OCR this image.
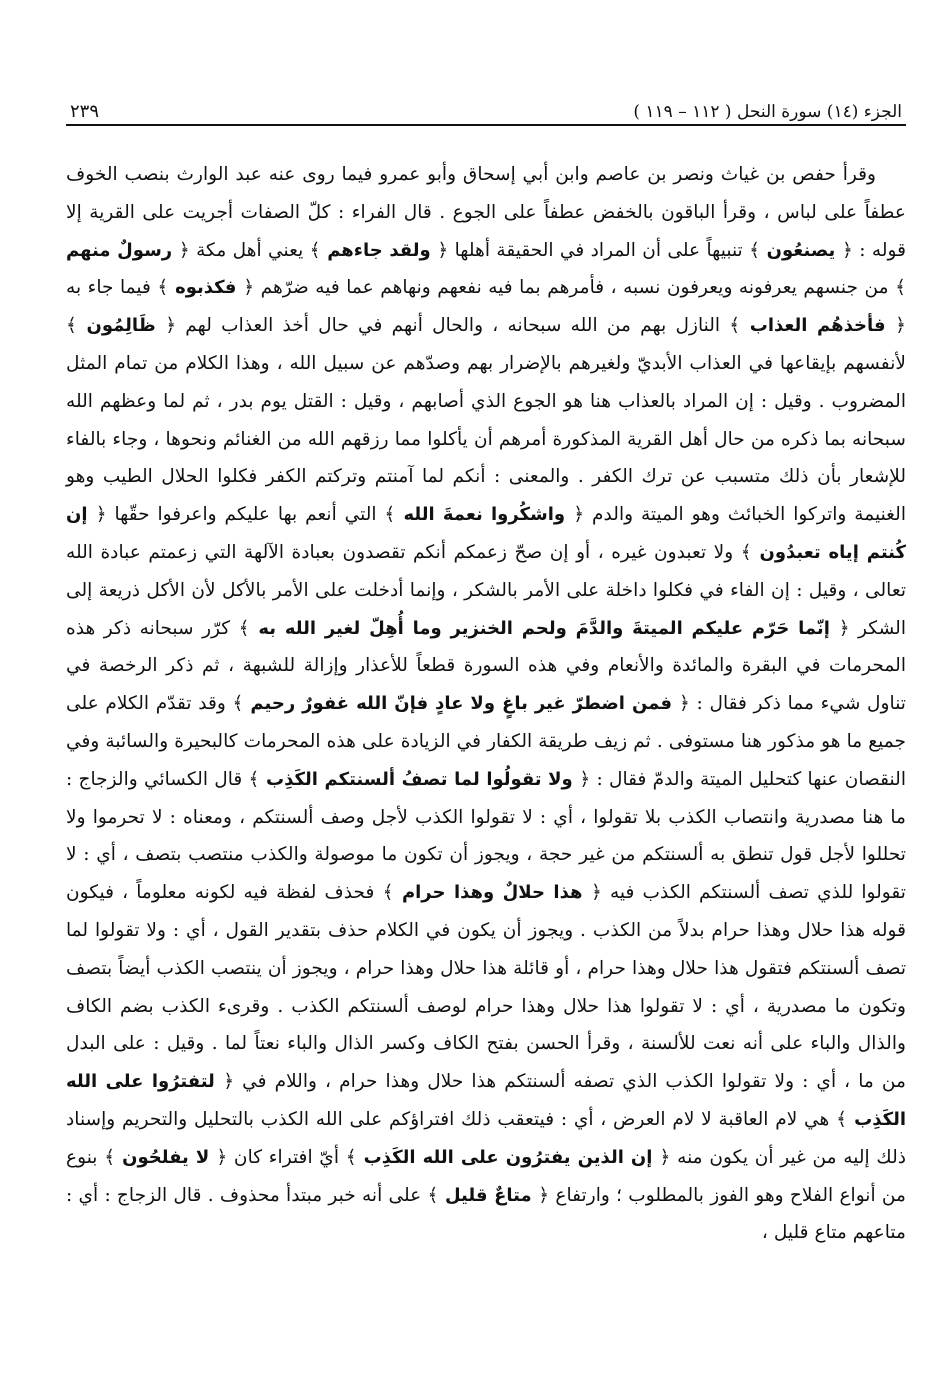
الجزء (١٤) سورة النحل ( ١١٢ – ١١٩ )
٢٣٩

وقرأ حفص بن غياث ونصر بن عاصم وابن أبي إسحاق وأبو عمرو فيما روى عنه عبد الوارث بنصب الخوف عطفاً على لباس ، وقرأ الباقون بالخفض عطفاً على الجوع . قال الفراء : كلّ الصفات أجريت على القرية إلا قوله : ﴿ يصنعُون ﴾ تنبيهاً على أن المراد في الحقيقة أهلها ﴿ ولقد جاءهم ﴾ يعني أهل مكة ﴿ رسولٌ منهم ﴾ من جنسهم يعرفونه ويعرفون نسبه ، فأمرهم بما فيه نفعهم ونهاهم عما فيه ضرّهم ﴿ فكذبوه ﴾ فيما جاء به ﴿ فأخذهُم العذاب ﴾ النازل بهم من الله سبحانه ، والحال أنهم في حال أخذ العذاب لهم ﴿ ظَالِمُون ﴾ لأنفسهم بإيقاعها في العذاب الأبديّ ولغيرهم بالإضرار بهم وصدّهم عن سبيل الله ، وهذا الكلام من تمام المثل المضروب . وقيل : إن المراد بالعذاب هنا هو الجوع الذي أصابهم ، وقيل : القتل يوم بدر ، ثم لما وعظهم الله سبحانه بما ذكره من حال أهل القرية المذكورة أمرهم أن يأكلوا مما رزقهم الله من الغنائم ونحوها ، وجاء بالفاء للإشعار بأن ذلك متسبب عن ترك الكفر . والمعنى : أنكم لما آمنتم وتركتم الكفر فكلوا الحلال الطيب وهو الغنيمة واتركوا الخبائث وهو الميتة والدم ﴿ واشكُروا نعمةَ الله ﴾ التي أنعم بها عليكم واعرفوا حقّها ﴿ إن كُنتم إياه تعبدُون ﴾ ولا تعبدون غيره ، أو إن صحّ زعمكم أنكم تقصدون بعبادة الآلهة التي زعمتم عبادة الله تعالى ، وقيل : إن الفاء في فكلوا داخلة على الأمر بالشكر ، وإنما أدخلت على الأمر بالأكل لأن الأكل ذريعة إلى الشكر ﴿ إنّما حَرّم عليكم الميتةَ والدَّمَ ولحم الخنزير وما أُهِلّ لغير الله به ﴾ كرّر سبحانه ذكر هذه المحرمات في البقرة والمائدة والأنعام وفي هذه السورة قطعاً للأعذار وإزالة للشبهة ، ثم ذكر الرخصة في تناول شيء مما ذكر فقال : ﴿ فمن اضطرّ غير باغٍ ولا عادٍ فإنّ الله غفورٌ رحيم ﴾ وقد تقدّم الكلام على جميع ما هو مذكور هنا مستوفى . ثم زيف طريقة الكفار في الزيادة على هذه المحرمات كالبحيرة والسائبة وفي النقصان عنها كتحليل الميتة والدمّ فقال : ﴿ ولا تقولُوا لما تصفُ ألسنتكم الكَذِب ﴾ قال الكسائي والزجاج : ما هنا مصدرية وانتصاب الكذب بلا تقولوا ، أي : لا تقولوا الكذب لأجل وصف ألسنتكم ، ومعناه : لا تحرموا ولا تحللوا لأجل قول تنطق به ألسنتكم من غير حجة ، ويجوز أن تكون ما موصولة والكذب منتصب بتصف ، أي : لا تقولوا للذي تصف ألسنتكم الكذب فيه ﴿ هذا حلالٌ وهذا حرام ﴾ فحذف لفظة فيه لكونه معلوماً ، فيكون قوله هذا حلال وهذا حرام بدلاً من الكذب . ويجوز أن يكون في الكلام حذف بتقدير القول ، أي : ولا تقولوا لما تصف ألسنتكم فتقول هذا حلال وهذا حرام ، أو قائلة هذا حلال وهذا حرام ، ويجوز أن ينتصب الكذب أيضاً بتصف وتكون ما مصدرية ، أي : لا تقولوا هذا حلال وهذا حرام لوصف ألسنتكم الكذب . وقرىء الكذب بضم الكاف والذال والباء على أنه نعت للألسنة ، وقرأ الحسن بفتح الكاف وكسر الذال والباء نعتاً لما . وقيل : على البدل من ما ، أي : ولا تقولوا الكذب الذي تصفه ألسنتكم هذا حلال وهذا حرام ، واللام في ﴿ لتفترُوا على الله الكَذِب ﴾ هي لام العاقبة لا لام العرض ، أي : فيتعقب ذلك افتراؤكم على الله الكذب بالتحليل والتحريم وإسناد ذلك إليه من غير أن يكون منه ﴿ إن الذين يفترُون على الله الكَذِب ﴾ أيّ افتراء كان ﴿ لا يفلحُون ﴾ بنوع من أنواع الفلاح وهو الفوز بالمطلوب ؛ وارتفاع ﴿ متاعٌ قليل ﴾ على أنه خبر مبتدأ محذوف . قال الزجاج : أي : متاعهم متاع قليل ،
